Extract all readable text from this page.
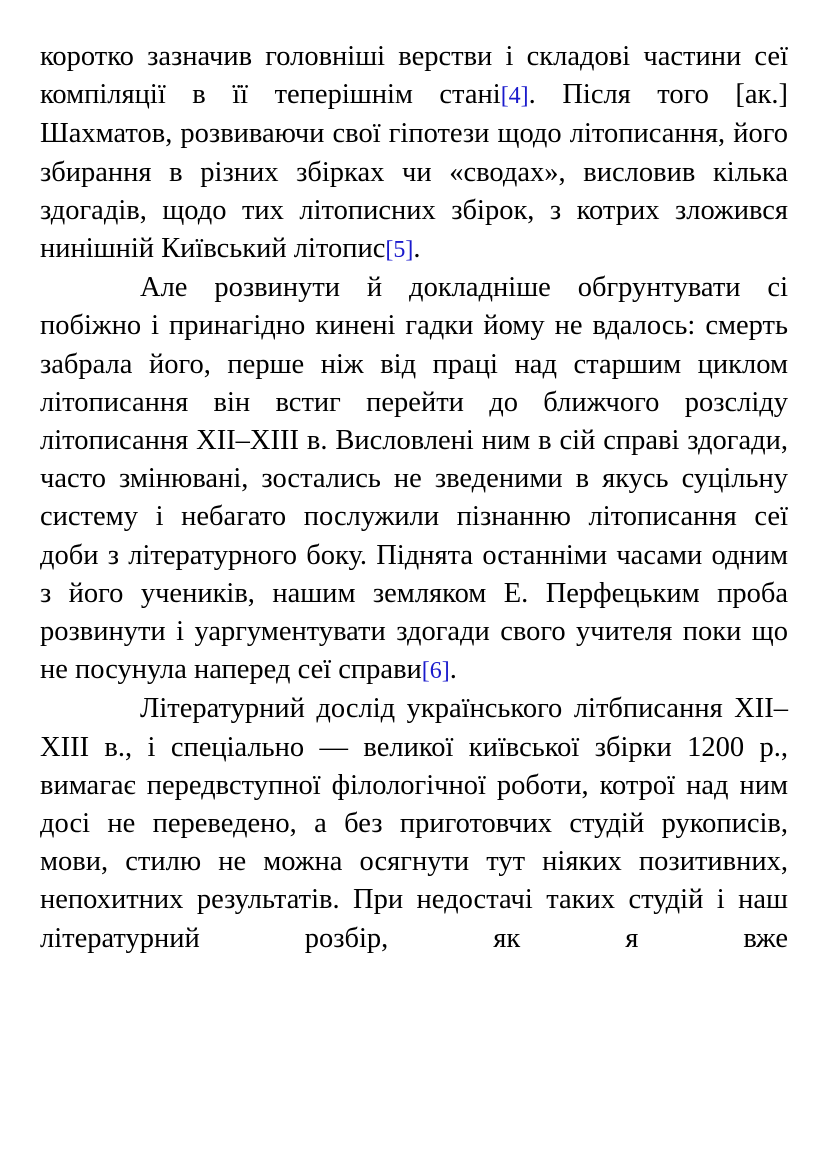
коротко зазначив головніші верстви і складові частини сеї компіляції в її теперішнім стані[4]. Після того [ак.] Шахматов, розвиваючи свої гіпотези щодо літописання, його збирання в різних збірках чи «сводах», висловив кілька здогадів, щодо тих літописних збірок, з котрих зложився нинішній Київський літопис[5].

Але розвинути й докладніше обгрунтувати сі побіжно і принагідно кинені гадки йому не вдалось: смерть забрала його, перше ніж від праці над старшим циклом літописання він встиг перейти до ближчого розсліду літописання XII–XIII в. Висловлені ним в сій справі здогади, часто змінювані, зостались не зведеними в якусь суцільну систему і небагато послужили пізнанню літописання сеї доби з літературного боку. Піднята останніми часами одним з його учеників, нашим земляком Е. Перфецьким проба розвинути і уаргументувати здогади свого учителя поки що не посунула наперед сеї справи[6].

Літературний дослід українського літбписання XII–XIII в., і спеціально — великої київської збірки 1200 р., вимагає передвступної філологічної роботи, котрої над ним досі не переведено, а без приготовчих студій рукописів, мови, стилю не можна осягнути тут ніяких позитивних, непохитних результатів. При недостачі таких студій і наш літературний розбір, як я вже
